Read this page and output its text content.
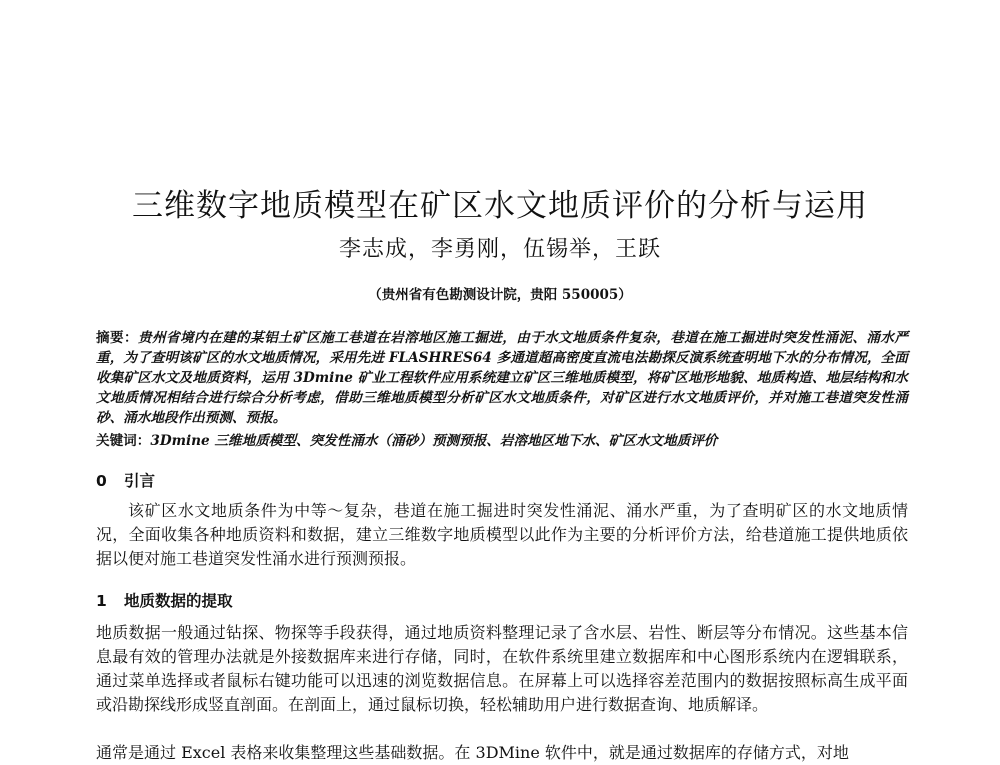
三维数字地质模型在矿区水文地质评价的分析与运用
李志成，李勇刚，伍锡举，王跃
（贵州省有色勘测设计院，贵阳 550005）

摘要：贵州省境内在建的某铝土矿区施工巷道在岩溶地区施工掘进，由于水文地质条件复杂，巷道在施工掘进时突发性涌泥、涌水严重，为了查明该矿区的水文地质情况，采用先进 FLASHRES64 多通道超高密度直流电法勘探反演系统查明地下水的分布情况，全面收集矿区水文及地质资料，运用 3Dmine 矿业工程软件应用系统建立矿区三维地质模型，将矿区地形地貌、地质构造、地层结构和水文地质情况相结合进行综合分析考虑，借助三维地质模型分析矿区水文地质条件，对矿区进行水文地质评价，并对施工巷道突发性涌砂、涌水地段作出预测、预报。

关键词：3Dmine 三维地质模型、突发性涌水（涌砂）预测预报、岩溶地区地下水、矿区水文地质评价

0 引言

该矿区水文地质条件为中等～复杂，巷道在施工掘进时突发性涌泥、涌水严重，为了查明矿区的水文地质情况，全面收集各种地质资料和数据，建立三维数字地质模型以此作为主要的分析评价方法，给巷道施工提供地质依据以便对施工巷道突发性涌水进行预测预报。

1 地质数据的提取

地质数据一般通过钻探、物探等手段获得，通过地质资料整理记录了含水层、岩性、断层等分布情况。这些基本信息最有效的管理办法就是外接数据库来进行存储，同时，在软件系统里建立数据库和中心图形系统内在逻辑联系，通过菜单选择或者鼠标右键功能可以迅速的浏览数据信息。在屏幕上可以选择容差范围内的数据按照标高生成平面或沿勘探线形成竖直剖面。在剖面上，通过鼠标切换，轻松辅助用户进行数据查询、地质解译。

通常是通过 Excel 表格来收集整理这些基础数据。在 3DMine 软件中，就是通过数据库的存储方式，对地
